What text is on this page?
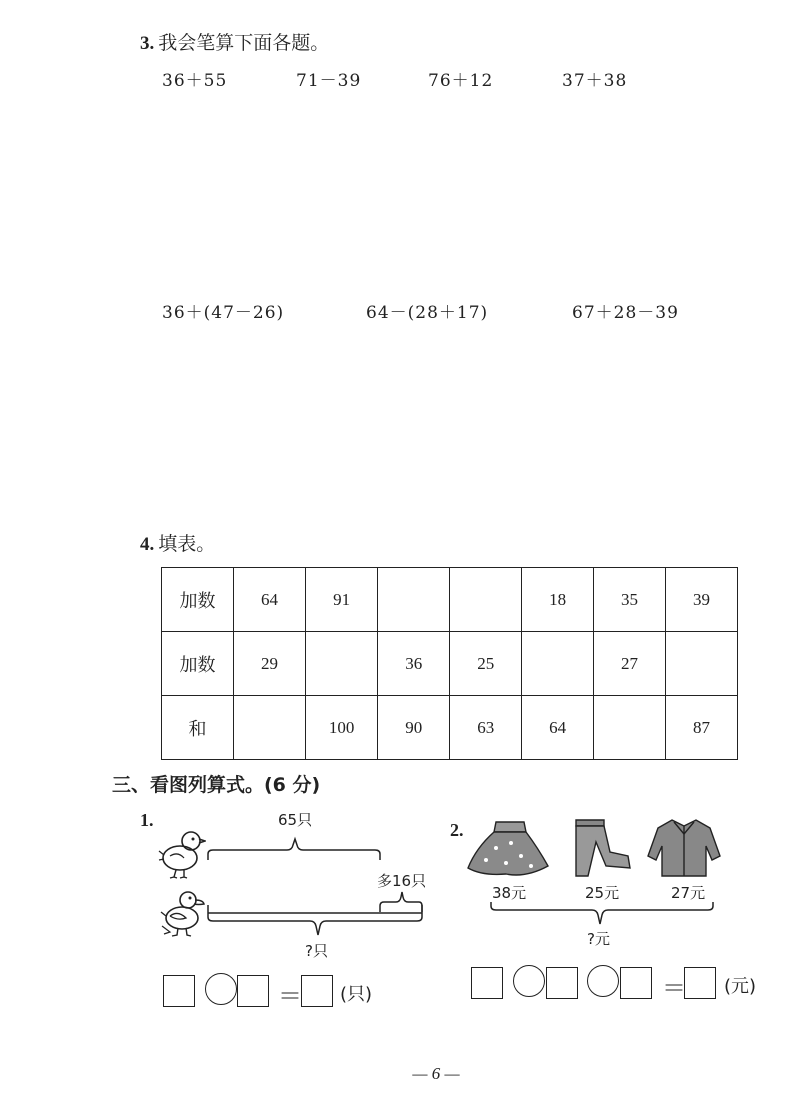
3. 我会笔算下面各题。
36＋55	71－39	76＋12	37＋38
36＋(47－26)	64－(28＋17)	67＋28－39
4. 填表。
加数	64	91			18	35	39
加数	29		36	25		27	
和		100	90	63	64		87
三、看图列算式。(6 分)
1.	65只
多16只
?只
＝ (只)
2.
38元	25元	27元
?元
＝ (元)
— 6 —
